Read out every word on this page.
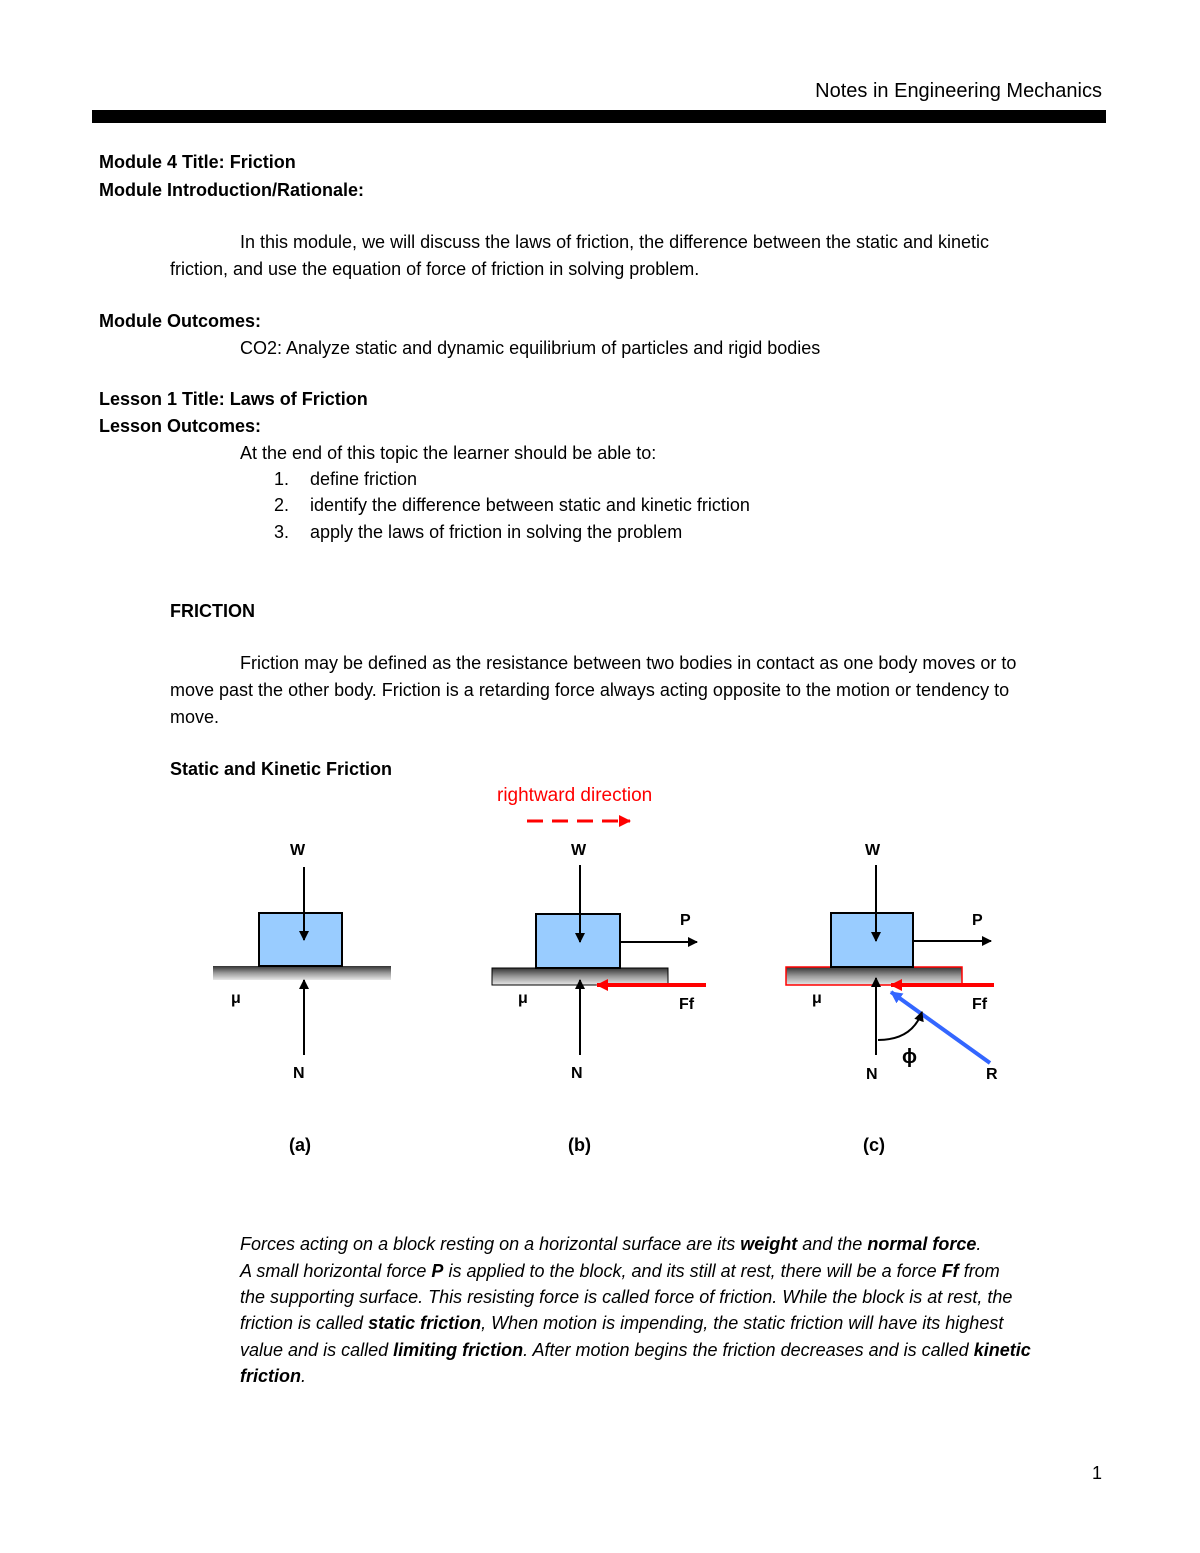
Notes in Engineering Mechanics
Module 4 Title: Friction
Module Introduction/Rationale:
In this module, we will discuss the laws of friction, the difference between the static and kinetic
friction, and use the equation of force of friction in solving problem.
Module Outcomes:
CO2: Analyze static and dynamic equilibrium of particles and rigid bodies
Lesson 1 Title: Laws of Friction
Lesson Outcomes:
At the end of this topic the learner should be able to:
1. define friction
2. identify the difference between static and kinetic friction
3. apply the laws of friction in solving the problem
FRICTION
Friction may be defined as the resistance between two bodies in contact as one body moves or to
move past the other body. Friction is a retarding force always acting opposite to the motion or tendency to
move.
Static and Kinetic Friction
rightward direction
W
μ
N
(a)
W
P
μ	Ff
N
(b)
W
P
μ	Ff
ϕ
N	R
(c)
Forces acting on a block resting on a horizontal surface are its weight and the normal force.
A small horizontal force P is applied to the block, and its still at rest, there will be a force Ff from
the supporting surface. This resisting force is called force of friction. While the block is at rest, the
friction is called static friction, When motion is impending, the static friction will have its highest
value and is called limiting friction. After motion begins the friction decreases and is called kinetic
friction.
1
